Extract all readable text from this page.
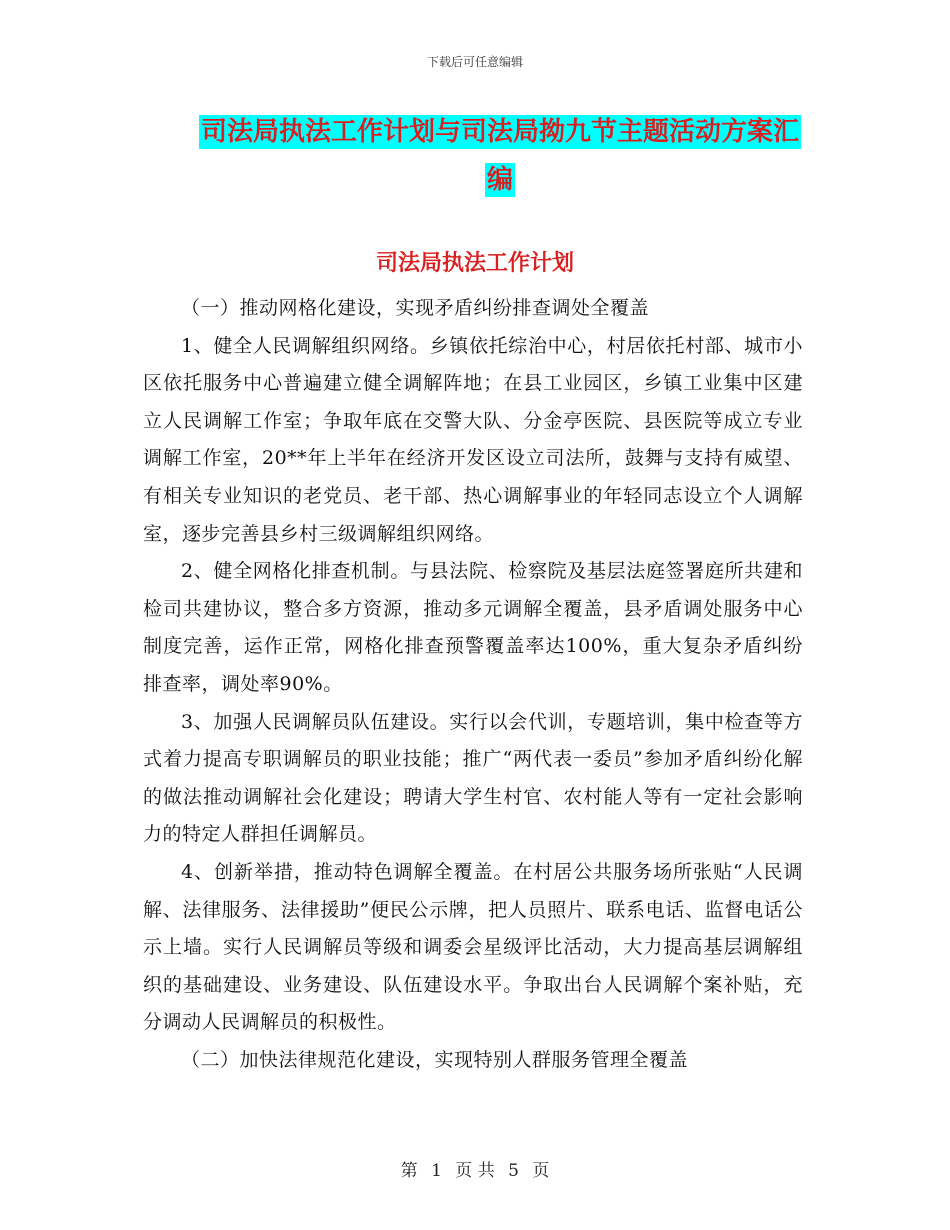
下载后可任意编辑
司法局执法工作计划与司法局拗九节主题活动方案汇编
司法局执法工作计划

（一）推动网格化建设，实现矛盾纠纷排查调处全覆盖

1、健全人民调解组织网络。乡镇依托综治中心，村居依托村部、城市小区依托服务中心普遍建立健全调解阵地；在县工业园区，乡镇工业集中区建立人民调解工作室；争取年底在交警大队、分金亭医院、县医院等成立专业调解工作室，20**年上半年在经济开发区设立司法所，鼓舞与支持有威望、有相关专业知识的老党员、老干部、热心调解事业的年轻同志设立个人调解室，逐步完善县乡村三级调解组织网络。

2、健全网格化排查机制。与县法院、检察院及基层法庭签署庭所共建和检司共建协议，整合多方资源，推动多元调解全覆盖，县矛盾调处服务中心制度完善，运作正常，网格化排查预警覆盖率达100%，重大复杂矛盾纠纷排查率，调处率90%。

3、加强人民调解员队伍建设。实行以会代训，专题培训，集中检查等方式着力提高专职调解员的职业技能；推广“两代表一委员”参加矛盾纠纷化解的做法推动调解社会化建设；聘请大学生村官、农村能人等有一定社会影响力的特定人群担任调解员。

4、创新举措，推动特色调解全覆盖。在村居公共服务场所张贴“人民调解、法律服务、法律援助”便民公示牌，把人员照片、联系电话、监督电话公示上墙。实行人民调解员等级和调委会星级评比活动，大力提高基层调解组织的基础建设、业务建设、队伍建设水平。争取出台人民调解个案补贴，充分调动人民调解员的积极性。

（二）加快法律规范化建设，实现特别人群服务管理全覆盖

第 1 页 共 5 页
